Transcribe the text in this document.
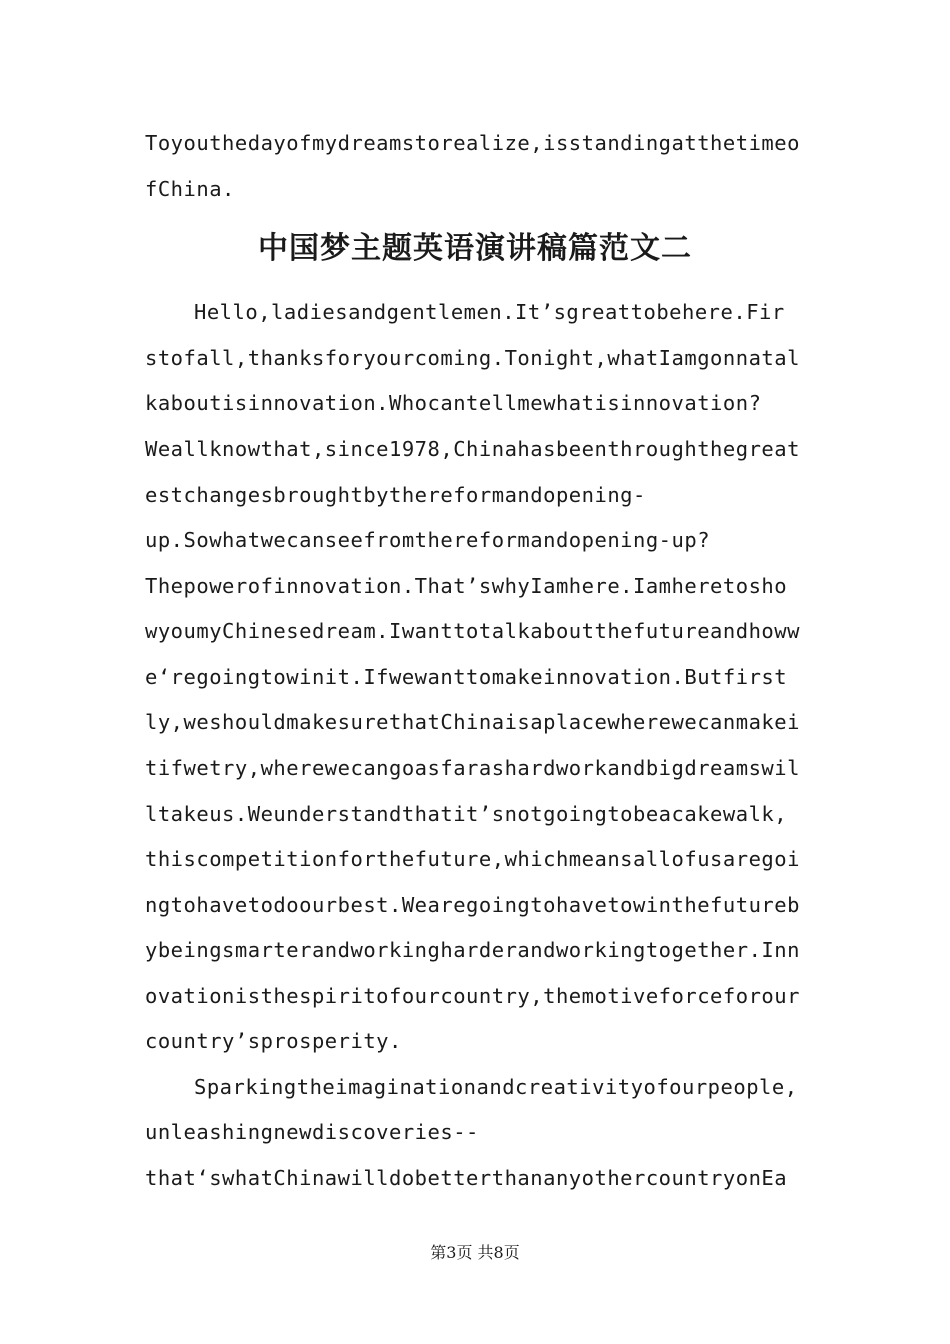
Toyouthedayofmydreamstorealize,isstandingatthetimeo
fChina.
中国梦主题英语演讲稿篇范文二
Hello,ladiesandgentlemen.It’sgreattobehere.Fir
stofall,thanksforyourcoming.Tonight,whatIamgonnatal
kaboutisinnovation.Whocantellmewhatisinnovation?
Weallknowthat,since1978,Chinahasbeenthroughthegreat
estchangesbroughtbythereformandopening-
up.Sowhatwecanseefromthereformandopening-up?
Thepowerofinnovation.That’swhyIamhere.Iamheretosho
wyoumyChinesedream.Iwanttotalkaboutthefutureandhoww
e‘regoingtowinit.Ifwewanttomakeinnovation.Butfirst
ly,weshouldmakesurethatChinaisaplacewherewecanmakei
tifwetry,wherewecangoasfarashardworkandbigdreamswil
ltakeus.Weunderstandthatit’snotgoingtobeacakewalk,
thiscompetitionforthefuture,whichmeansallofusaregoi
ngtohavetodoourbest.Wearegoingtohavetowinthefutureb
ybeingsmarterandworkingharderandworkingtogether.Inn
ovationisthespiritofourcountry,themotiveforceforour
country’sprosperity.
Sparkingtheimaginationandcreativityofourpeople,
unleashingnewdiscoveries--
that‘swhatChinawilldobetterthananyothercountryonEa
第3页 共8页
